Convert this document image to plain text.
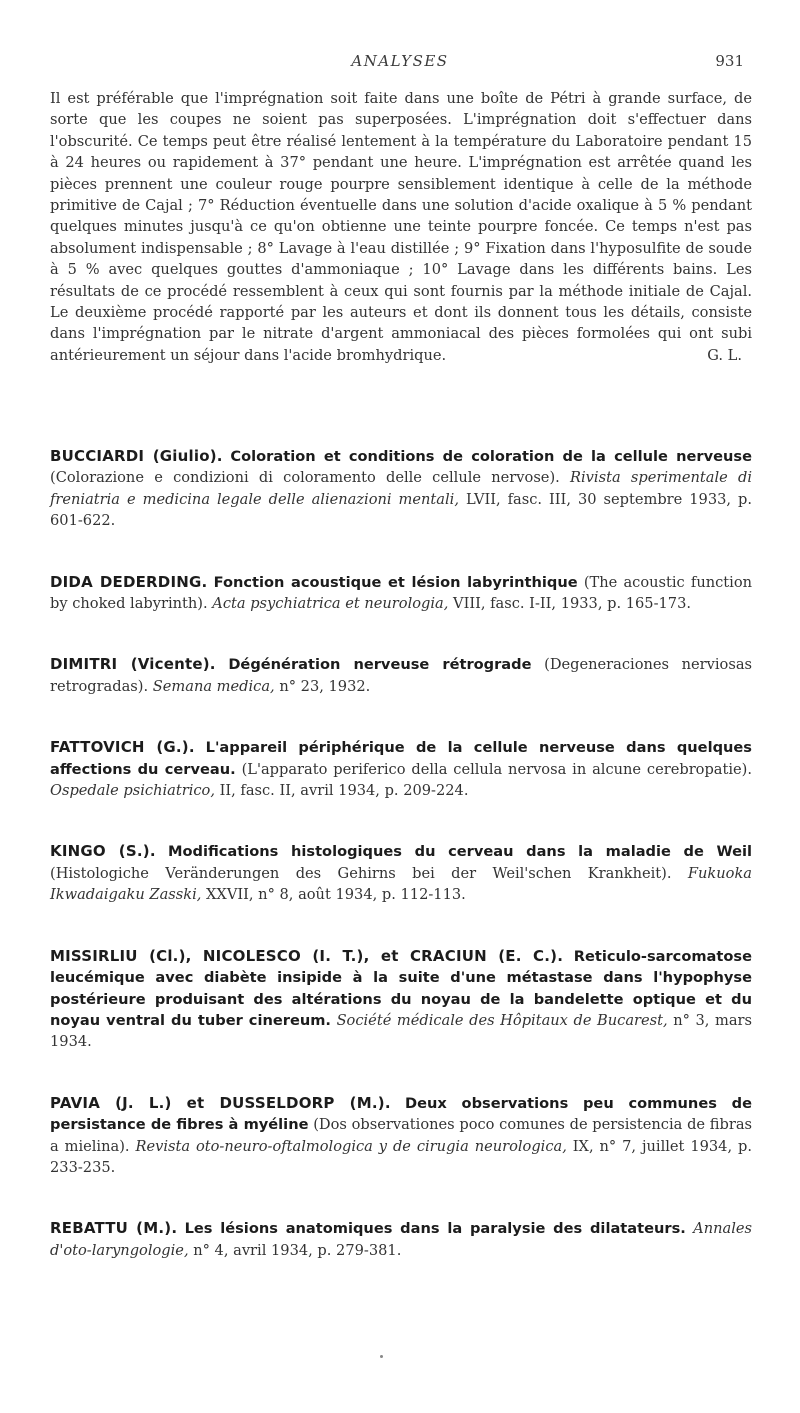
ANALYSES	931
Il est préférable que l'imprégnation soit faite dans une boîte de Pétri à grande surface, de sorte que les coupes ne soient pas superposées. L'imprégnation doit s'effectuer dans l'obscurité. Ce temps peut être réalisé lentement à la température du Laboratoire pendant 15 à 24 heures ou rapidement à 37° pendant une heure. L'imprégnation est arrêtée quand les pièces prennent une couleur rouge pourpre sensiblement identique à celle de la méthode primitive de Cajal ; 7° Réduction éventuelle dans une solution d'acide oxalique à 5 % pendant quelques minutes jusqu'à ce qu'on obtienne une teinte pourpre foncée. Ce temps n'est pas absolument indispensable ; 8° Lavage à l'eau distillée ; 9° Fixation dans l'hyposulfite de soude à 5 % avec quelques gouttes d'ammoniaque ; 10° Lavage dans les différents bains. Les résultats de ce procédé ressemblent à ceux qui sont fournis par la méthode initiale de Cajal. Le deuxième procédé rapporté par les auteurs et dont ils donnent tous les détails, consiste dans l'imprégnation par le nitrate d'argent ammoniacal des pièces formolées qui ont subi antérieurement un séjour dans l'acide bromhydrique.	G. L.
BUCCIARDI (Giulio). Coloration et conditions de coloration de la cellule nerveuse (Colorazione e condizioni di coloramento delle cellule nervose). Rivista sperimentale di freniatria e medicina legale delle alienazioni mentali, LVII, fasc. III, 30 septembre 1933, p. 601-622.
DIDA DEDERDING. Fonction acoustique et lésion labyrinthique (The acoustic function by choked labyrinth). Acta psychiatrica et neurologia, VIII, fasc. I-II, 1933, p. 165-173.
DIMITRI (Vicente). Dégénération nerveuse rétrograde (Degeneraciones nerviosas retrogradas). Semana medica, n° 23, 1932.
FATTOVICH (G.). L'appareil périphérique de la cellule nerveuse dans quelques affections du cerveau. (L'apparato periferico della cellula nervosa in alcune cerebropatie). Ospedale psichiatrico, II, fasc. II, avril 1934, p. 209-224.
KINGO (S.). Modifications histologiques du cerveau dans la maladie de Weil (Histologiche Veränderungen des Gehirns bei der Weil'schen Krankheit). Fukuoka Ikwadaigaku Zasski, XXVII, n° 8, août 1934, p. 112-113.
MISSIRLIU (Cl.), NICOLESCO (I. T.), et CRACIUN (E. C.). Reticulo-sarcomatose leucémique avec diabète insipide à la suite d'une métastase dans l'hypophyse postérieure produisant des altérations du noyau de la bandelette optique et du noyau ventral du tuber cinereum. Société médicale des Hôpitaux de Bucarest, n° 3, mars 1934.
PAVIA (J. L.) et DUSSELDORP (M.). Deux observations peu communes de persistance de fibres à myéline (Dos observationes poco comunes de persistencia de fibras a mielina). Revista oto-neuro-oftalmologica y de cirugia neurologica, IX, n° 7, juillet 1934, p. 233-235.
REBATTU (M.). Les lésions anatomiques dans la paralysie des dilatateurs. Annales d'oto-laryngologie, n° 4, avril 1934, p. 279-381.
